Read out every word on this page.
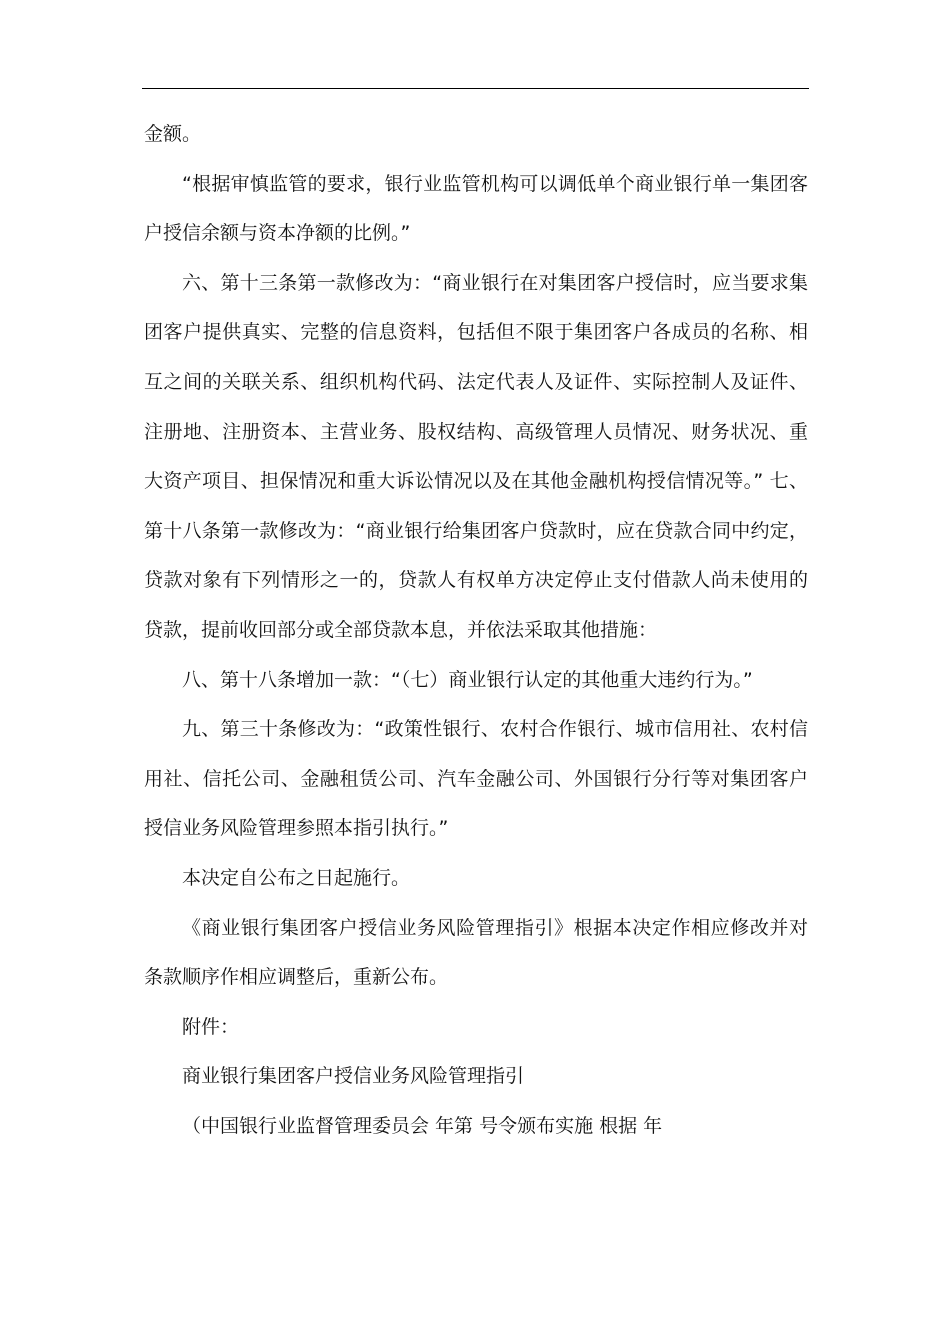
金额。

“根据审慎监管的要求，银行业监管机构可以调低单个商业银行单一集团客户授信余额与资本净额的比例。”

六、第十三条第一款修改为：“商业银行在对集团客户授信时，应当要求集团客户提供真实、完整的信息资料，包括但不限于集团客户各成员的名称、相互之间的关联关系、组织机构代码、法定代表人及证件、实际控制人及证件、注册地、注册资本、主营业务、股权结构、高级管理人员情况、财务状况、重大资产项目、担保情况和重大诉讼情况以及在其他金融机构授信情况等。” 七、第十八条第一款修改为：“商业银行给集团客户贷款时，应在贷款合同中约定，贷款对象有下列情形之一的，贷款人有权单方决定停止支付借款人尚未使用的贷款，提前收回部分或全部贷款本息，并依法采取其他措施：

八、第十八条增加一款：“（七）商业银行认定的其他重大违约行为。”

九、第三十条修改为：“政策性银行、农村合作银行、城市信用社、农村信用社、信托公司、金融租赁公司、汽车金融公司、外国银行分行等对集团客户授信业务风险管理参照本指引执行。”

本决定自公布之日起施行。

《商业银行集团客户授信业务风险管理指引》根据本决定作相应修改并对条款顺序作相应调整后，重新公布。

附件：

商业银行集团客户授信业务风险管理指引

（中国银行业监督管理委员会 年第 号令颁布实施 根据 年
